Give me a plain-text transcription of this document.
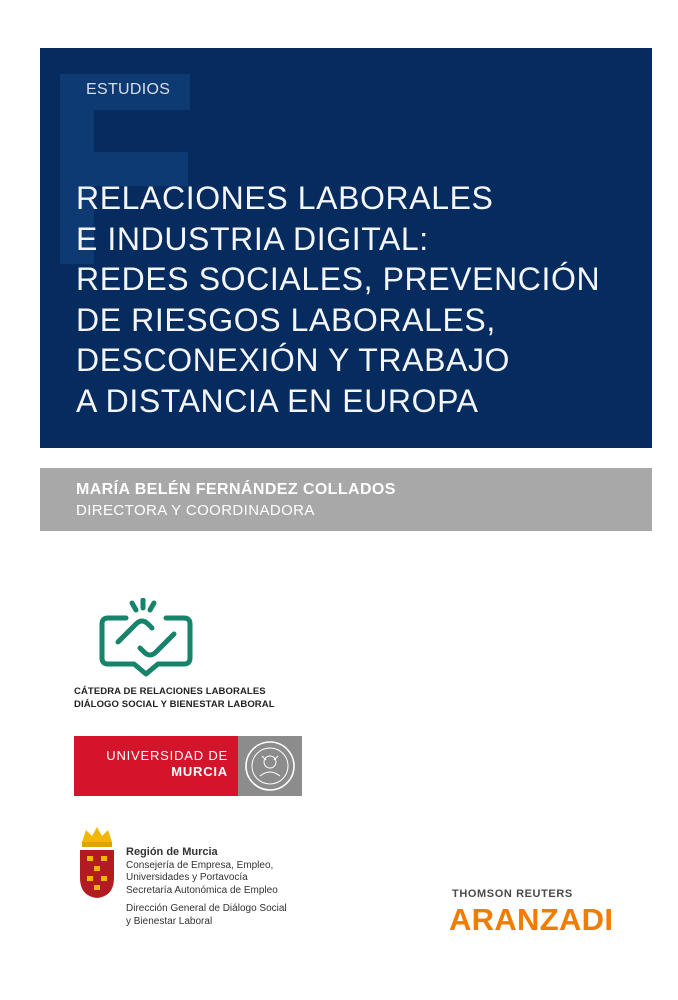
ESTUDIOS
RELACIONES LABORALES
E INDUSTRIA DIGITAL:
REDES SOCIALES, PREVENCIÓN
DE RIESGOS LABORALES,
DESCONEXIÓN Y TRABAJO
A DISTANCIA EN EUROPA
MARÍA BELÉN FERNÁNDEZ COLLADOS
DIRECTORA Y COORDINADORA
CÁTEDRA DE RELACIONES LABORALES
DIÁLOGO SOCIAL Y BIENESTAR LABORAL
UNIVERSIDAD DE
MURCIA
Región de Murcia
Consejería de Empresa, Empleo,
Universidades y Portavocía
Secretaría Autonómica de Empleo
Dirección General de Diálogo Social
y Bienestar Laboral
THOMSON REUTERS
ARANZADI
